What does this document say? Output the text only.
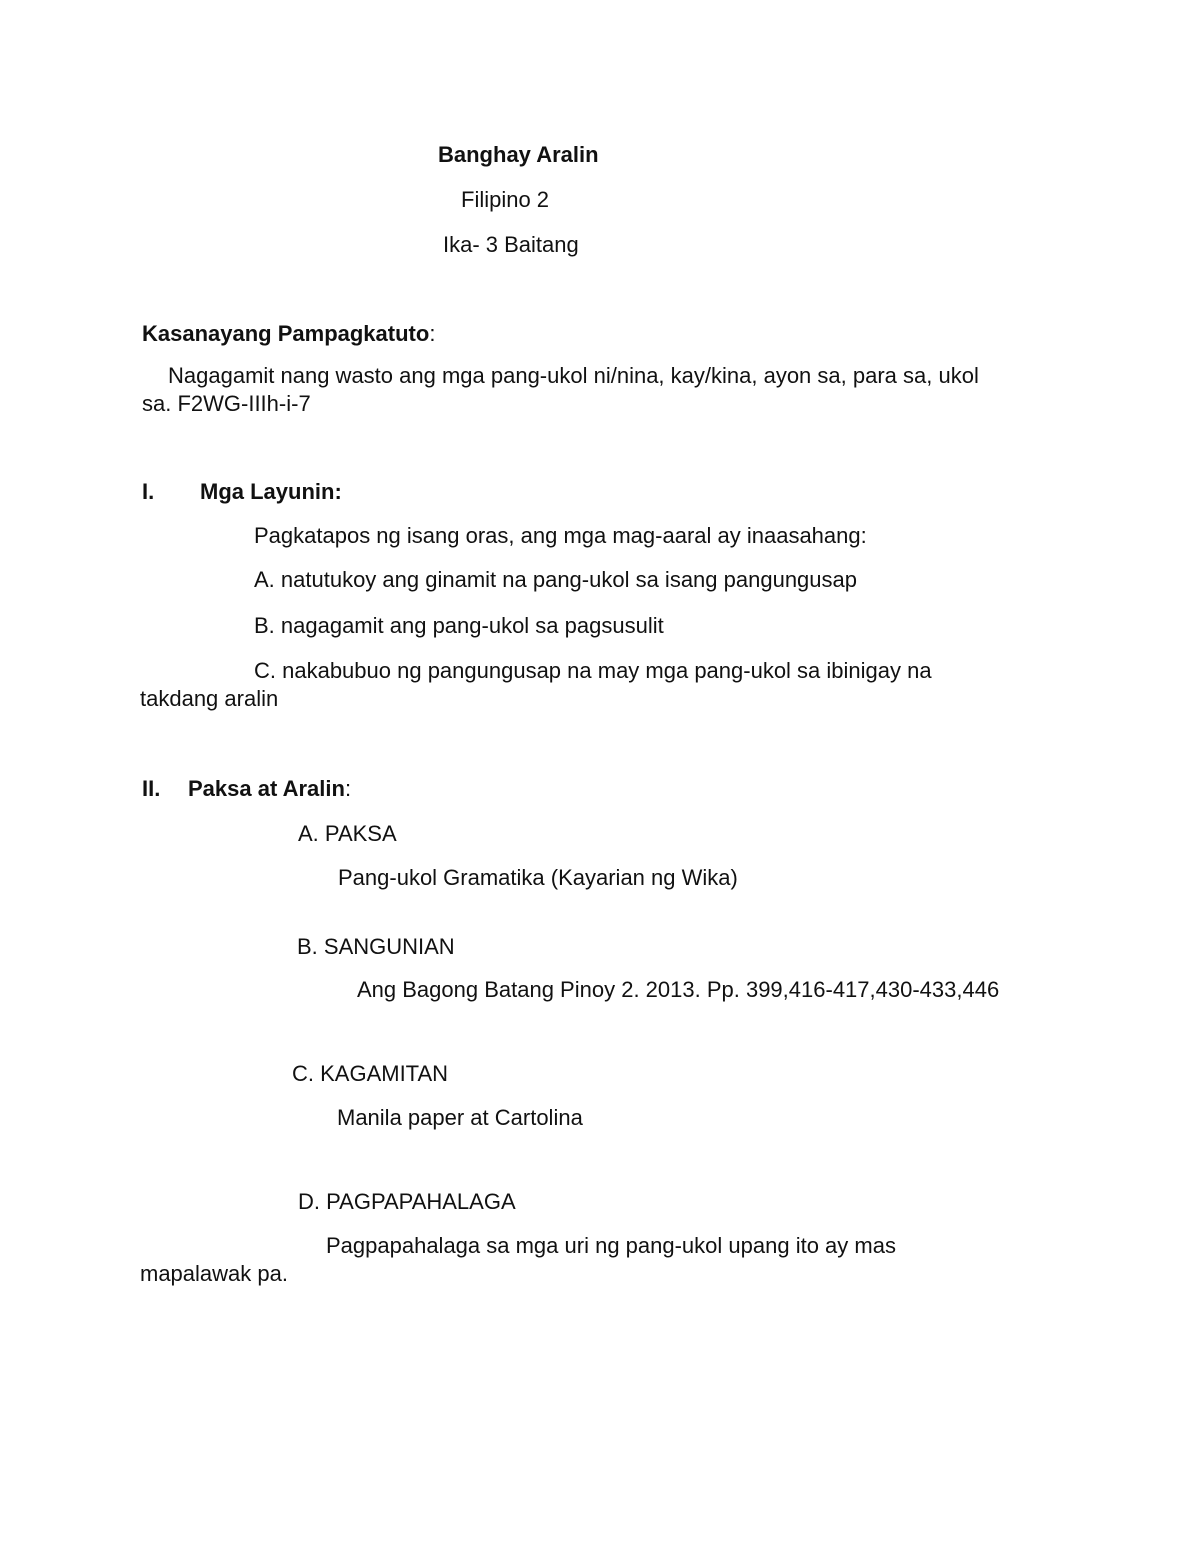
Banghay Aralin
Filipino 2
Ika- 3 Baitang
Kasanayang Pampagkatuto:
Nagagamit nang wasto ang mga pang-ukol ni/nina, kay/kina, ayon sa, para sa, ukol
sa. F2WG-IIIh-i-7
I. Mga Layunin:
Pagkatapos ng isang oras, ang mga mag-aaral ay inaasahang:
A. natutukoy ang ginamit na pang-ukol sa isang pangungusap
B. nagagamit ang pang-ukol sa pagsusulit
C. nakabubuo ng pangungusap na may mga pang-ukol sa ibinigay na
takdang aralin
II. Paksa at Aralin:
A. PAKSA
Pang-ukol Gramatika (Kayarian ng Wika)
B. SANGUNIAN
Ang Bagong Batang Pinoy 2. 2013. Pp. 399,416-417,430-433,446
C. KAGAMITAN
Manila paper at Cartolina
D. PAGPAPAHALAGA
Pagpapahalaga sa mga uri ng pang-ukol upang ito ay mas
mapalawak pa.
